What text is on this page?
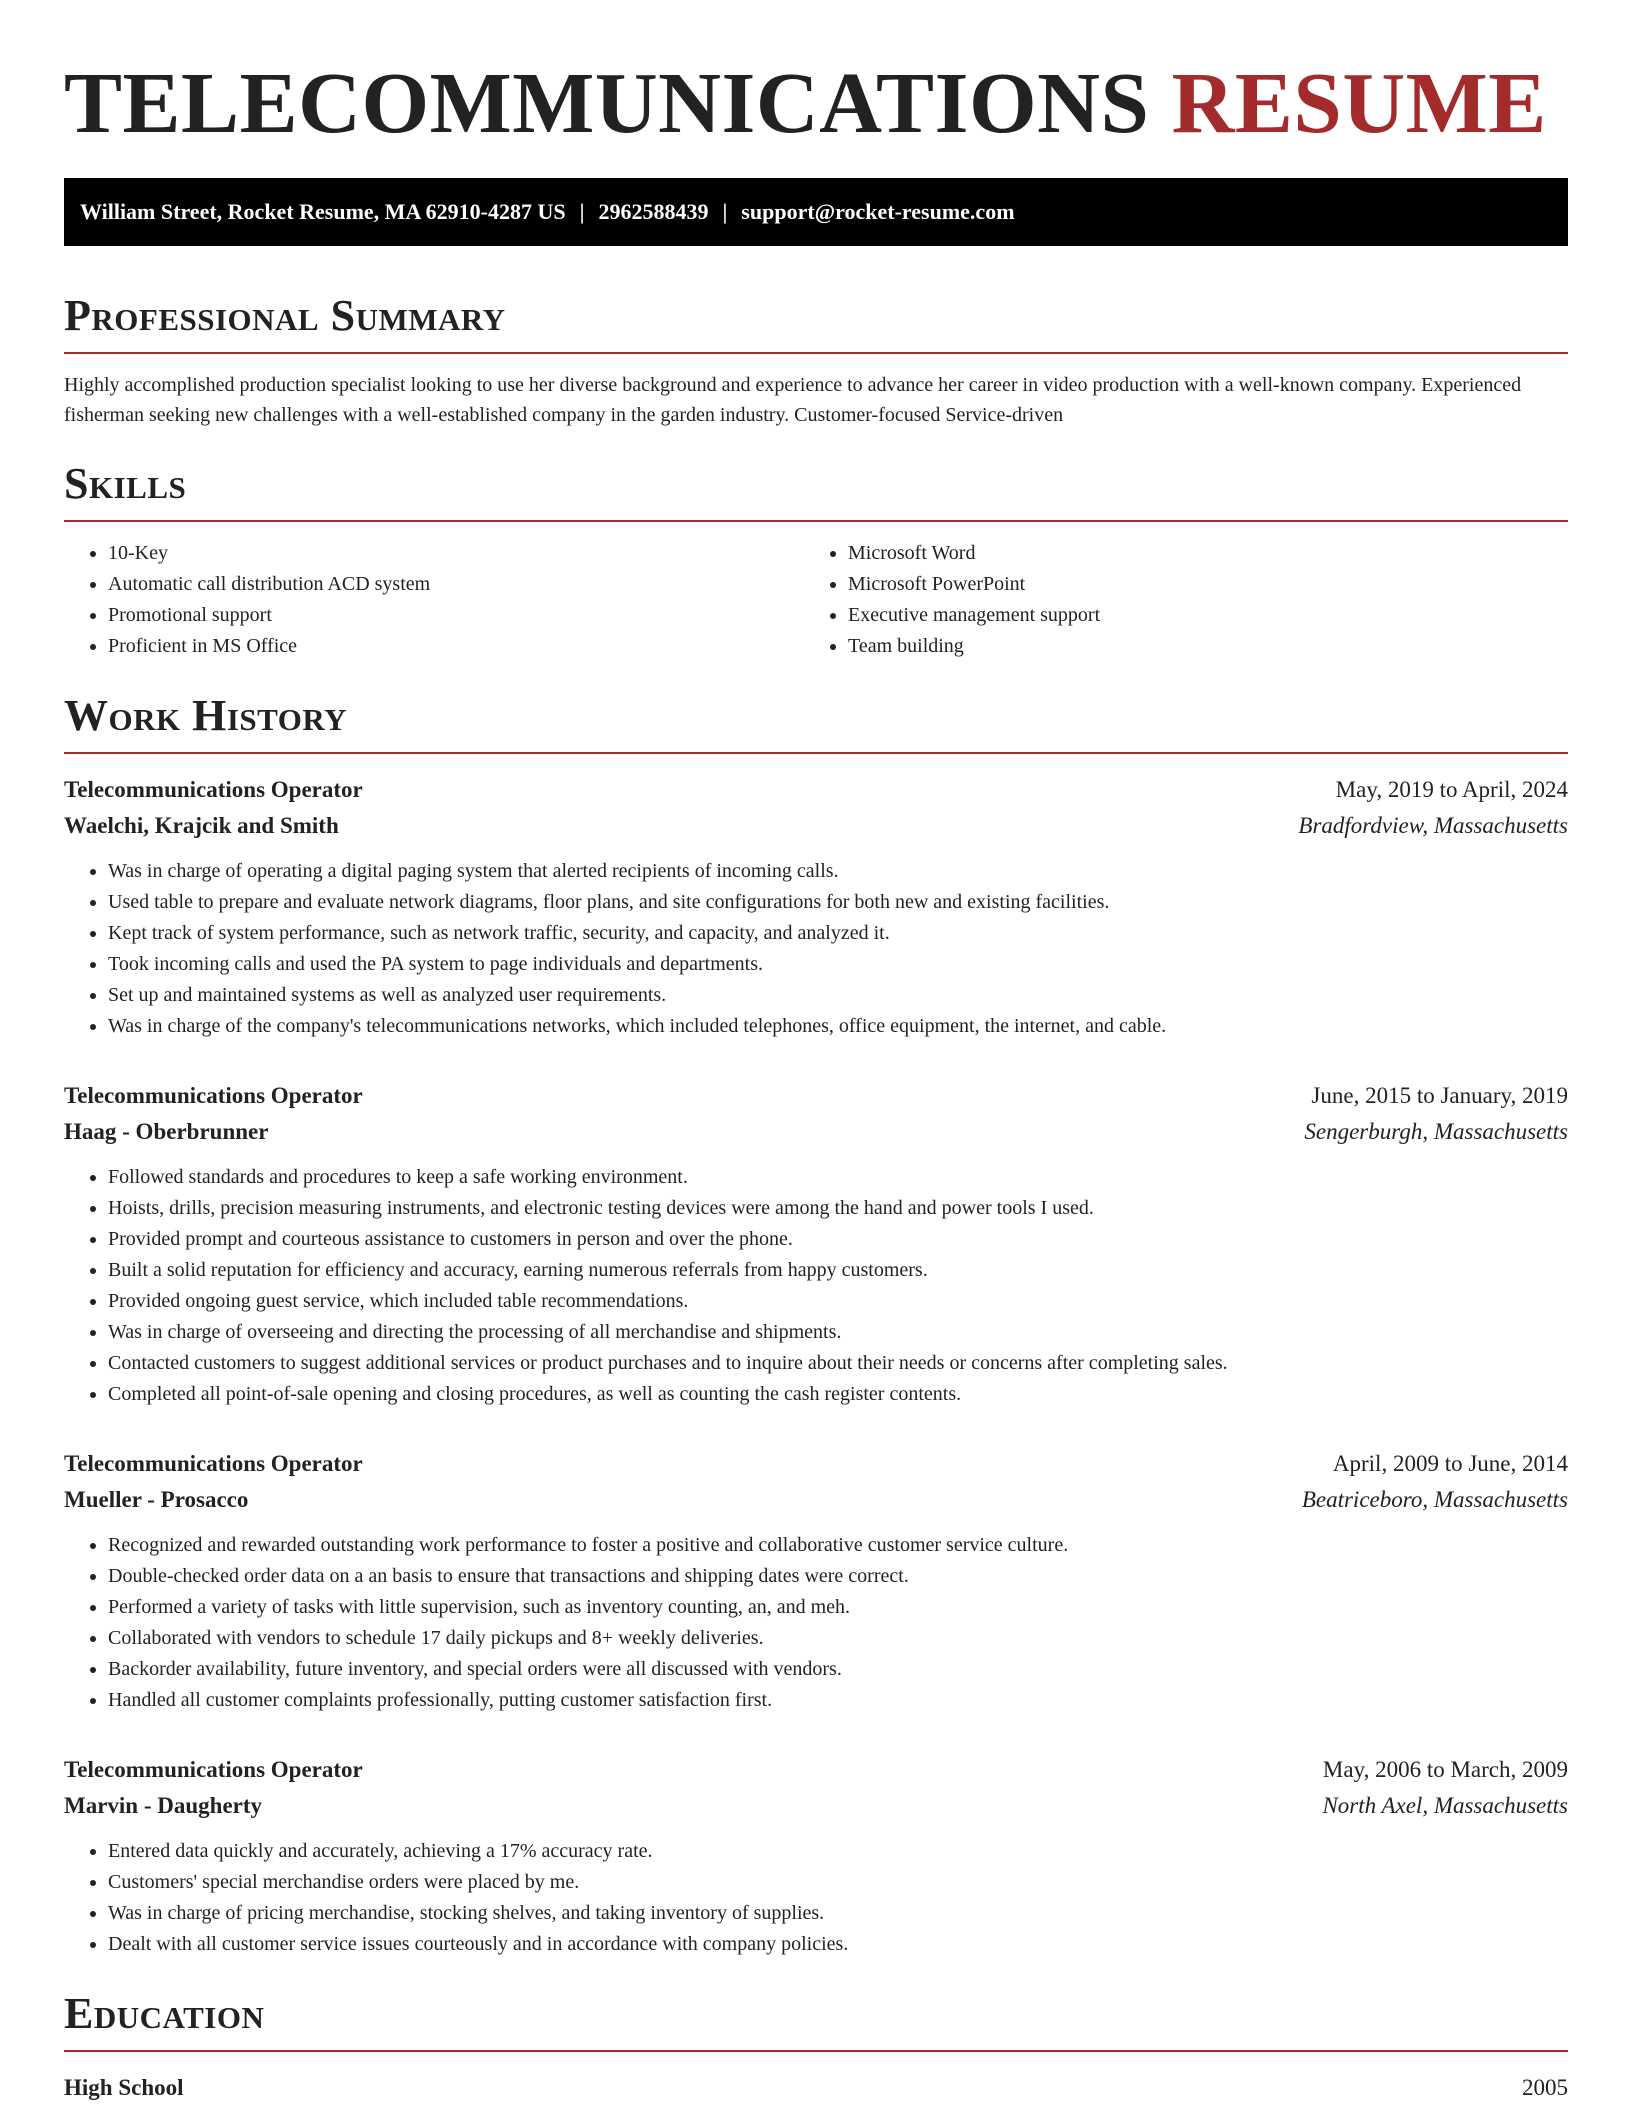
TELECOMMUNICATIONS RESUME
William Street, Rocket Resume, MA 62910-4287 US | 2962588439 | support@rocket-resume.com
Professional Summary

Highly accomplished production specialist looking to use her diverse background and experience to advance her career in video production with a well-known company. Experienced fisherman seeking new challenges with a well-established company in the garden industry. Customer-focused Service-driven

Skills
• 10-Key
• Automatic call distribution ACD system
• Promotional support
• Proficient in MS Office
• Microsoft Word
• Microsoft PowerPoint
• Executive management support
• Team building
Work History
Telecommunications Operator	May, 2019 to April, 2024
Waelchi, Krajcik and Smith	Bradfordview, Massachusetts
• Was in charge of operating a digital paging system that alerted recipients of incoming calls.
• Used table to prepare and evaluate network diagrams, floor plans, and site configurations for both new and existing facilities.
• Kept track of system performance, such as network traffic, security, and capacity, and analyzed it.
• Took incoming calls and used the PA system to page individuals and departments.
• Set up and maintained systems as well as analyzed user requirements.
• Was in charge of the company's telecommunications networks, which included telephones, office equipment, the internet, and cable.
Telecommunications Operator	June, 2015 to January, 2019
Haag - Oberbrunner	Sengerburgh, Massachusetts
• Followed standards and procedures to keep a safe working environment.
• Hoists, drills, precision measuring instruments, and electronic testing devices were among the hand and power tools I used.
• Provided prompt and courteous assistance to customers in person and over the phone.
• Built a solid reputation for efficiency and accuracy, earning numerous referrals from happy customers.
• Provided ongoing guest service, which included table recommendations.
• Was in charge of overseeing and directing the processing of all merchandise and shipments.
• Contacted customers to suggest additional services or product purchases and to inquire about their needs or concerns after completing sales.
• Completed all point-of-sale opening and closing procedures, as well as counting the cash register contents.
Telecommunications Operator	April, 2009 to June, 2014
Mueller - Prosacco	Beatriceboro, Massachusetts
• Recognized and rewarded outstanding work performance to foster a positive and collaborative customer service culture.
• Double-checked order data on a an basis to ensure that transactions and shipping dates were correct.
• Performed a variety of tasks with little supervision, such as inventory counting, an, and meh.
• Collaborated with vendors to schedule 17 daily pickups and 8+ weekly deliveries.
• Backorder availability, future inventory, and special orders were all discussed with vendors.
• Handled all customer complaints professionally, putting customer satisfaction first.
Telecommunications Operator	May, 2006 to March, 2009
Marvin - Daugherty	North Axel, Massachusetts
• Entered data quickly and accurately, achieving a 17% accuracy rate.
• Customers' special merchandise orders were placed by me.
• Was in charge of pricing merchandise, stocking shelves, and taking inventory of supplies.
• Dealt with all customer service issues courteously and in accordance with company policies.
Education
High School	2005
